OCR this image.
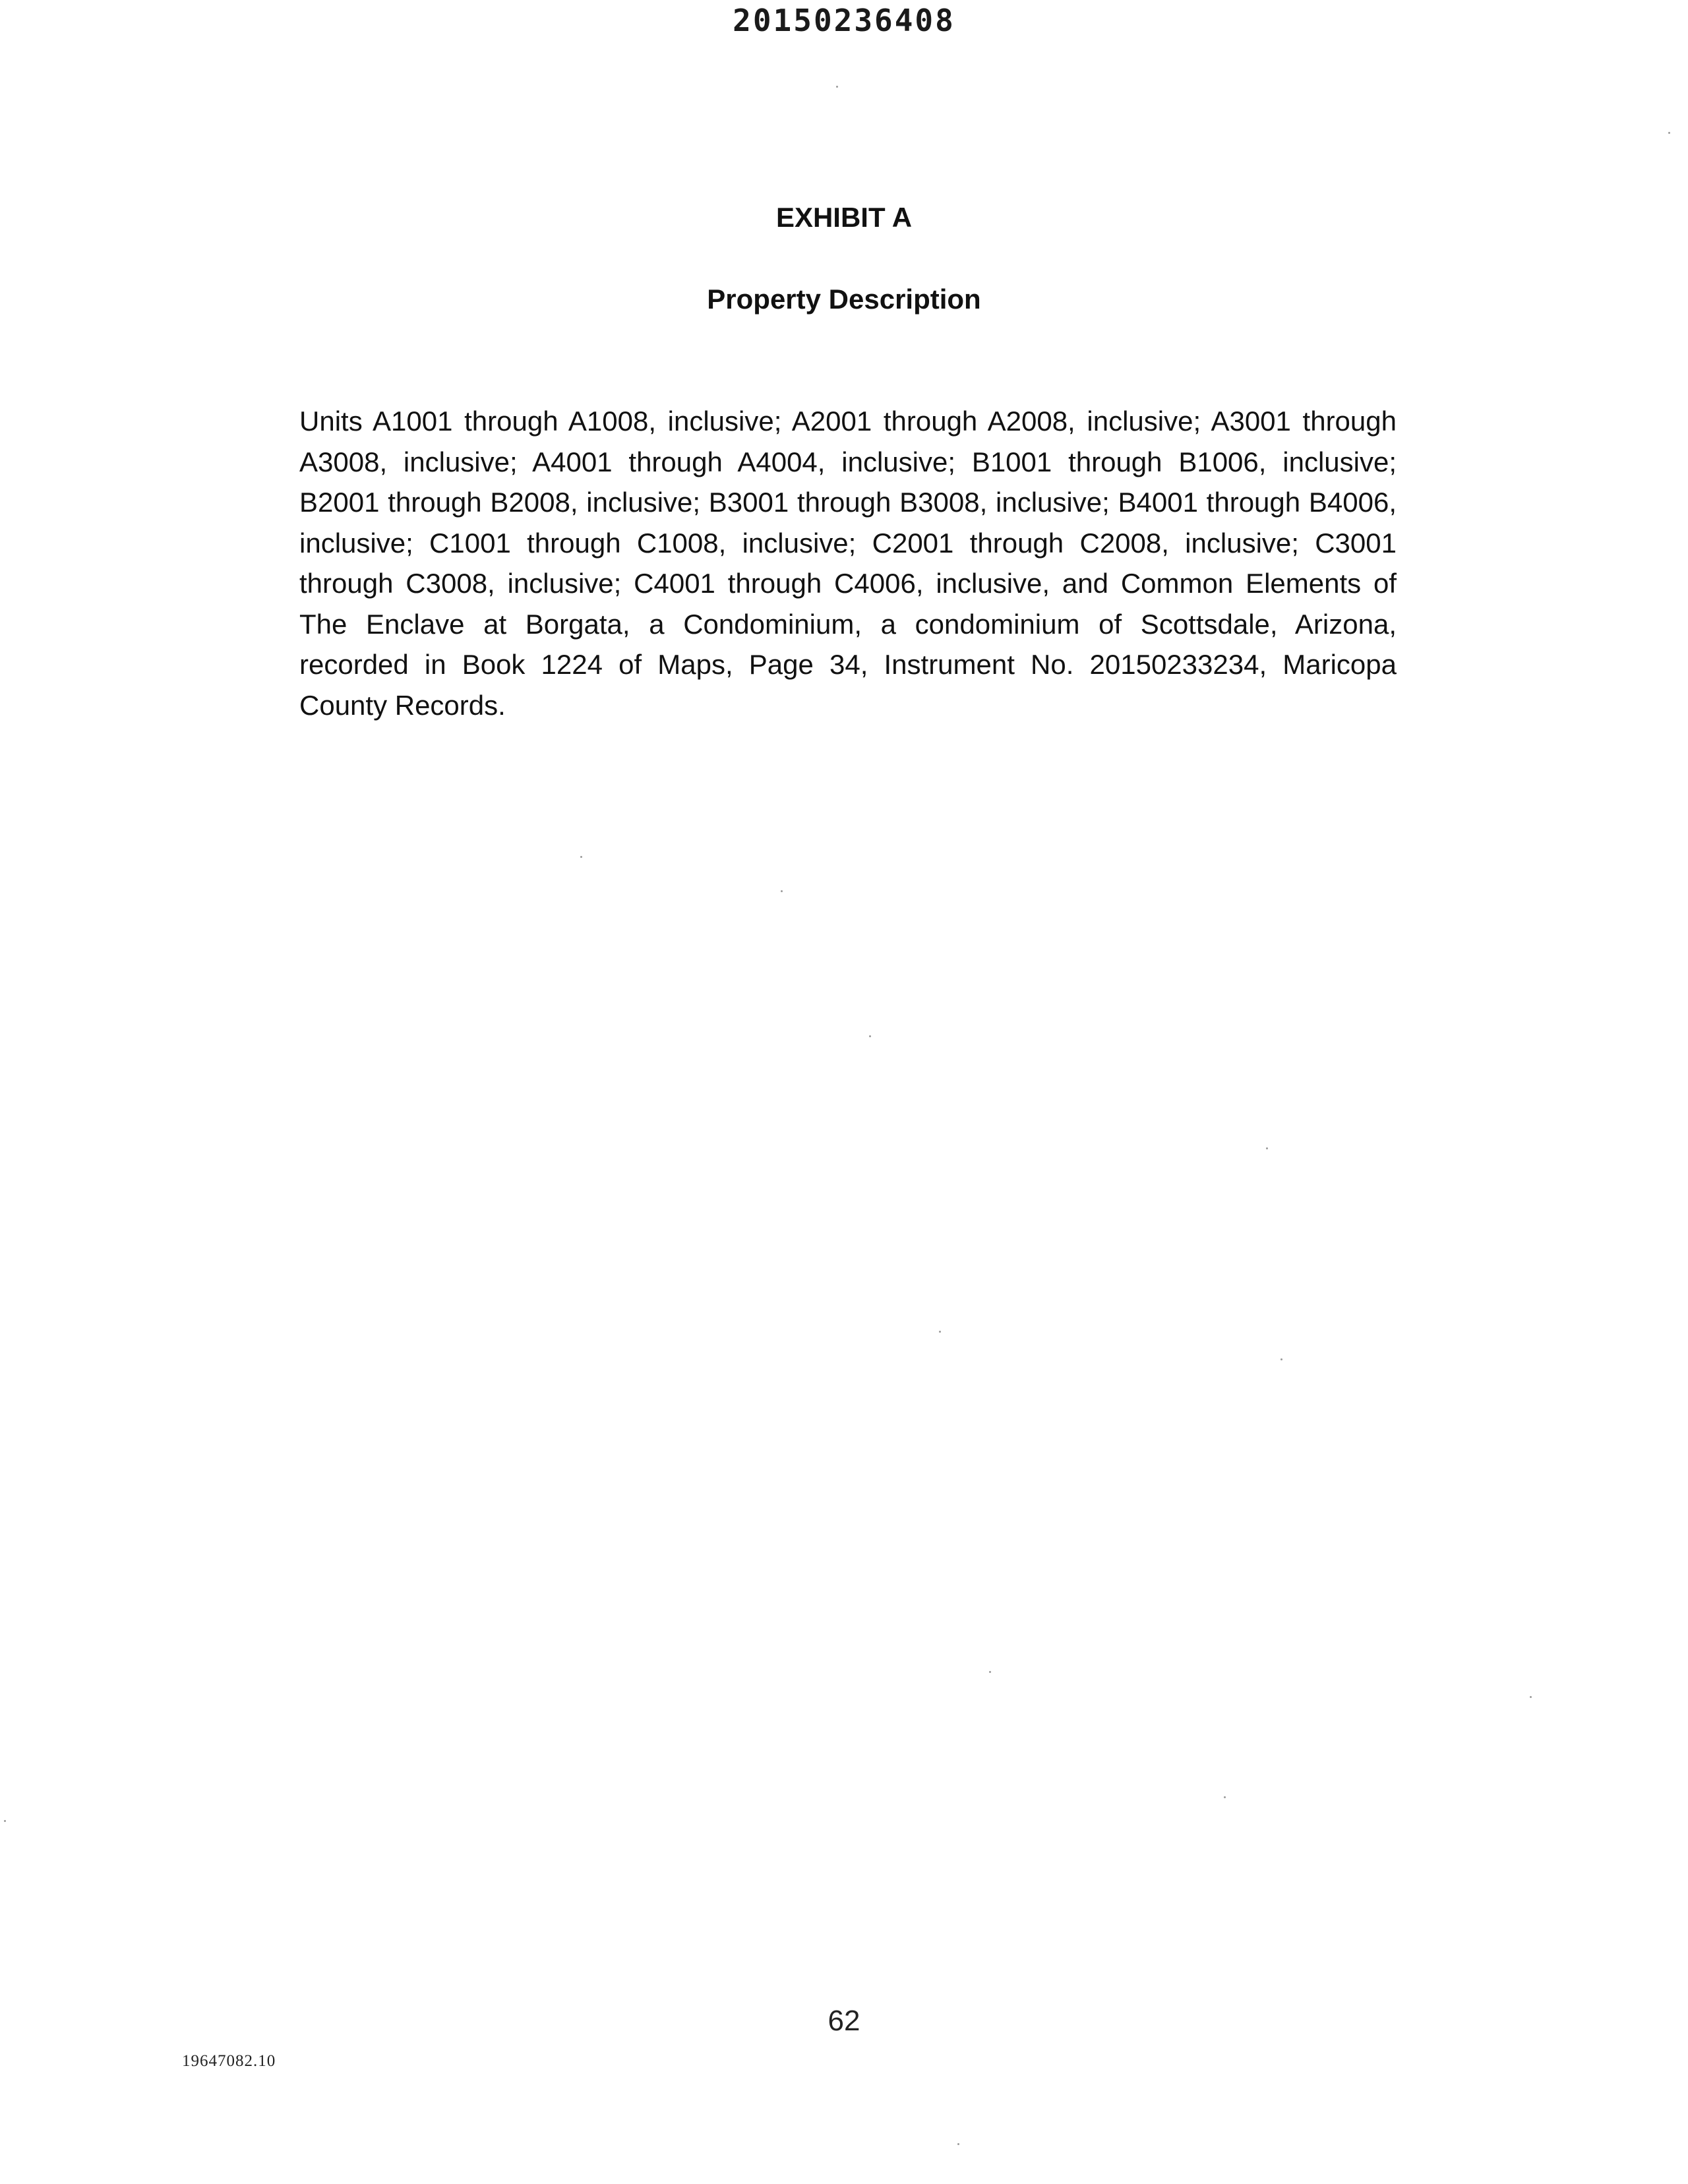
20150236408
EXHIBIT A
Property Description

Units A1001 through A1008, inclusive; A2001 through A2008, inclusive; A3001 through A3008, inclusive; A4001 through A4004, inclusive; B1001 through B1006, inclusive; B2001 through B2008, inclusive; B3001 through B3008, inclusive; B4001 through B4006, inclusive; C1001 through C1008, inclusive; C2001 through C2008, inclusive; C3001 through C3008, inclusive; C4001 through C4006, inclusive, and Common Elements of The Enclave at Borgata, a Condominium, a condominium of Scottsdale, Arizona, recorded in Book 1224 of Maps, Page 34, Instrument No. 20150233234, Maricopa County Records.

62
19647082.10
